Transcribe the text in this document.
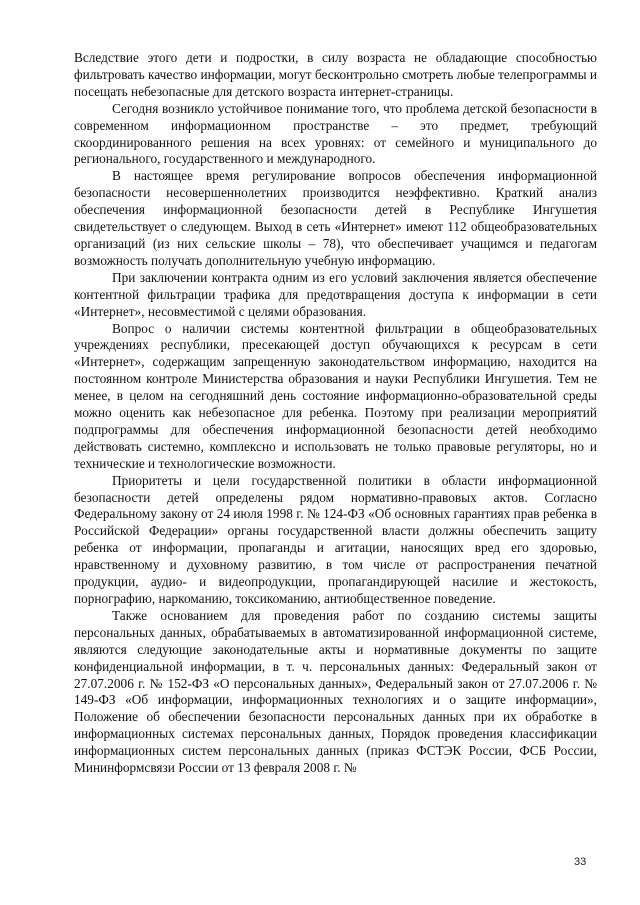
Вследствие этого дети и подростки, в силу возраста не обладающие способностью фильтровать качество информации, могут бесконтрольно смотреть любые телепрограммы и посещать небезопасные для детского возраста интернет-страницы.

Сегодня возникло устойчивое понимание того, что проблема детской безопасности в современном информационном пространстве – это предмет, требующий скоординированного решения на всех уровнях: от семейного и муниципального до регионального, государственного и международного.

В настоящее время регулирование вопросов обеспечения информационной безопасности несовершеннолетних производится неэффективно. Краткий анализ обеспечения информационной безопасности детей в Республике Ингушетия свидетельствует о следующем. Выход в сеть «Интернет» имеют 112 общеобразовательных организаций (из них сельские школы – 78), что обеспечивает учащимся и педагогам возможность получать дополнительную учебную информацию.

При заключении контракта одним из его условий заключения является обеспечение контентной фильтрации трафика для предотвращения доступа к информации в сети «Интернет», несовместимой с целями образования.

Вопрос о наличии системы контентной фильтрации в общеобразовательных учреждениях республики, пресекающей доступ обучающихся к ресурсам в сети «Интернет», содержащим запрещенную законодательством информацию, находится на постоянном контроле Министерства образования и науки Республики Ингушетия. Тем не менее, в целом на сегодняшний день состояние информационно-образовательной среды можно оценить как небезопасное для ребенка. Поэтому при реализации мероприятий подпрограммы для обеспечения информационной безопасности детей необходимо действовать системно, комплексно и использовать не только правовые регуляторы, но и технические и технологические возможности.

Приоритеты и цели государственной политики в области информационной безопасности детей определены рядом нормативно-правовых актов. Согласно Федеральному закону от 24 июля 1998 г. № 124-ФЗ «Об основных гарантиях прав ребенка в Российской Федерации» органы государственной власти должны обеспечить защиту ребенка от информации, пропаганды и агитации, наносящих вред его здоровью, нравственному и духовному развитию, в том числе от распространения печатной продукции, аудио- и видеопродукции, пропагандирующей насилие и жестокость, порнографию, наркоманию, токсикоманию, антиобщественное поведение.

Также основанием для проведения работ по созданию системы защиты персональных данных, обрабатываемых в автоматизированной информационной системе, являются следующие законодательные акты и нормативные документы по защите конфиденциальной информации, в т. ч. персональных данных: Федеральный закон от 27.07.2006 г. № 152-ФЗ «О персональных данных», Федеральный закон от 27.07.2006 г. № 149-ФЗ «Об информации, информационных технологиях и о защите информации», Положение об обеспечении безопасности персональных данных при их обработке в информационных системах персональных данных, Порядок проведения классификации информационных систем персональных данных (приказ ФСТЭК России, ФСБ России, Мининформсвязи России от 13 февраля 2008 г. №

33
